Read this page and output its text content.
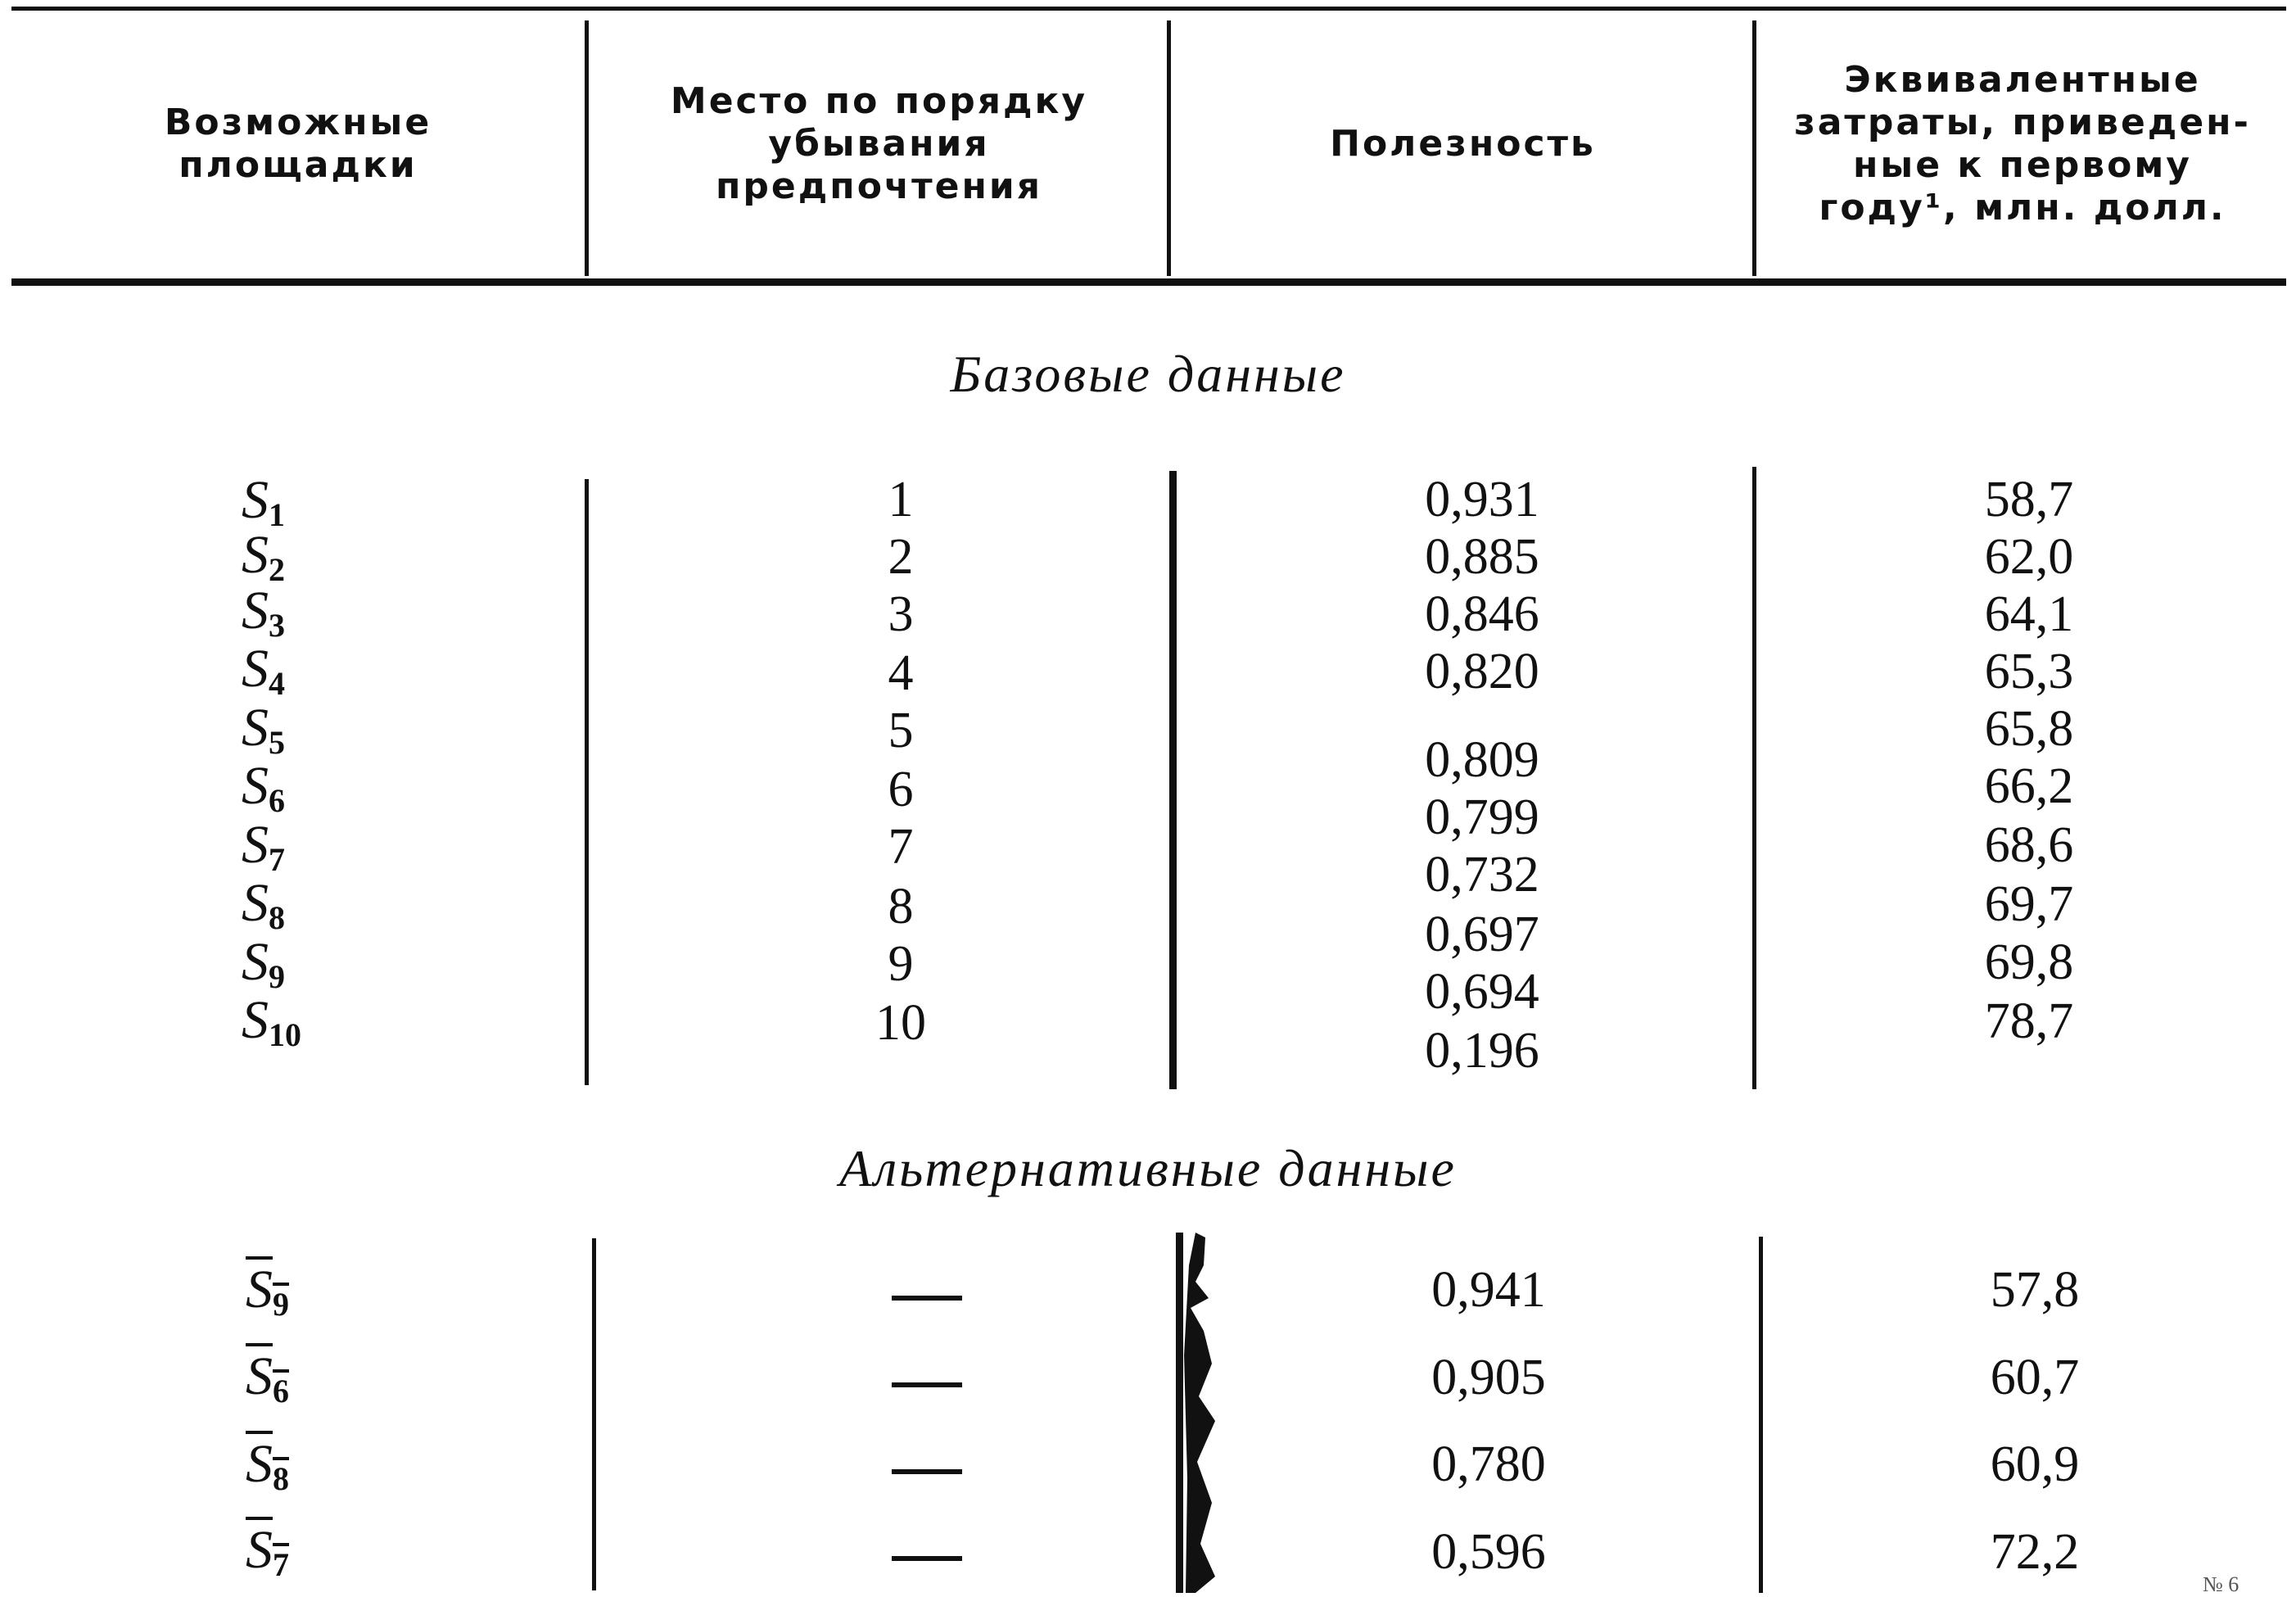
Возможные
площадки
Место по порядку
убывания
предпочтения
Полезность
Эквивалентные
затраты, приведен-
ные к первому
году¹, млн. долл.
Базовые данные
$S_1$
$S_2$
$S_3$
$S_4$
$S_5$
$S_6$
$S_7$
$S_8$
$S_9$
$S_{10}$
1
2
3
4
5
6
7
8
9
10
0,931
0,885
0,846
0,820
0,809
0,799
0,732
0,697
0,694
0,196
58,7
62,0
64,1
65,3
65,8
66,2
68,6
69,7
69,8
78,7
Альтернативные данные
$S_9$
$S_6$
$S_8$
$S_7$
0,941
0,905
0,780
0,596
57,8
60,7
60,9
72,2
№ 6
